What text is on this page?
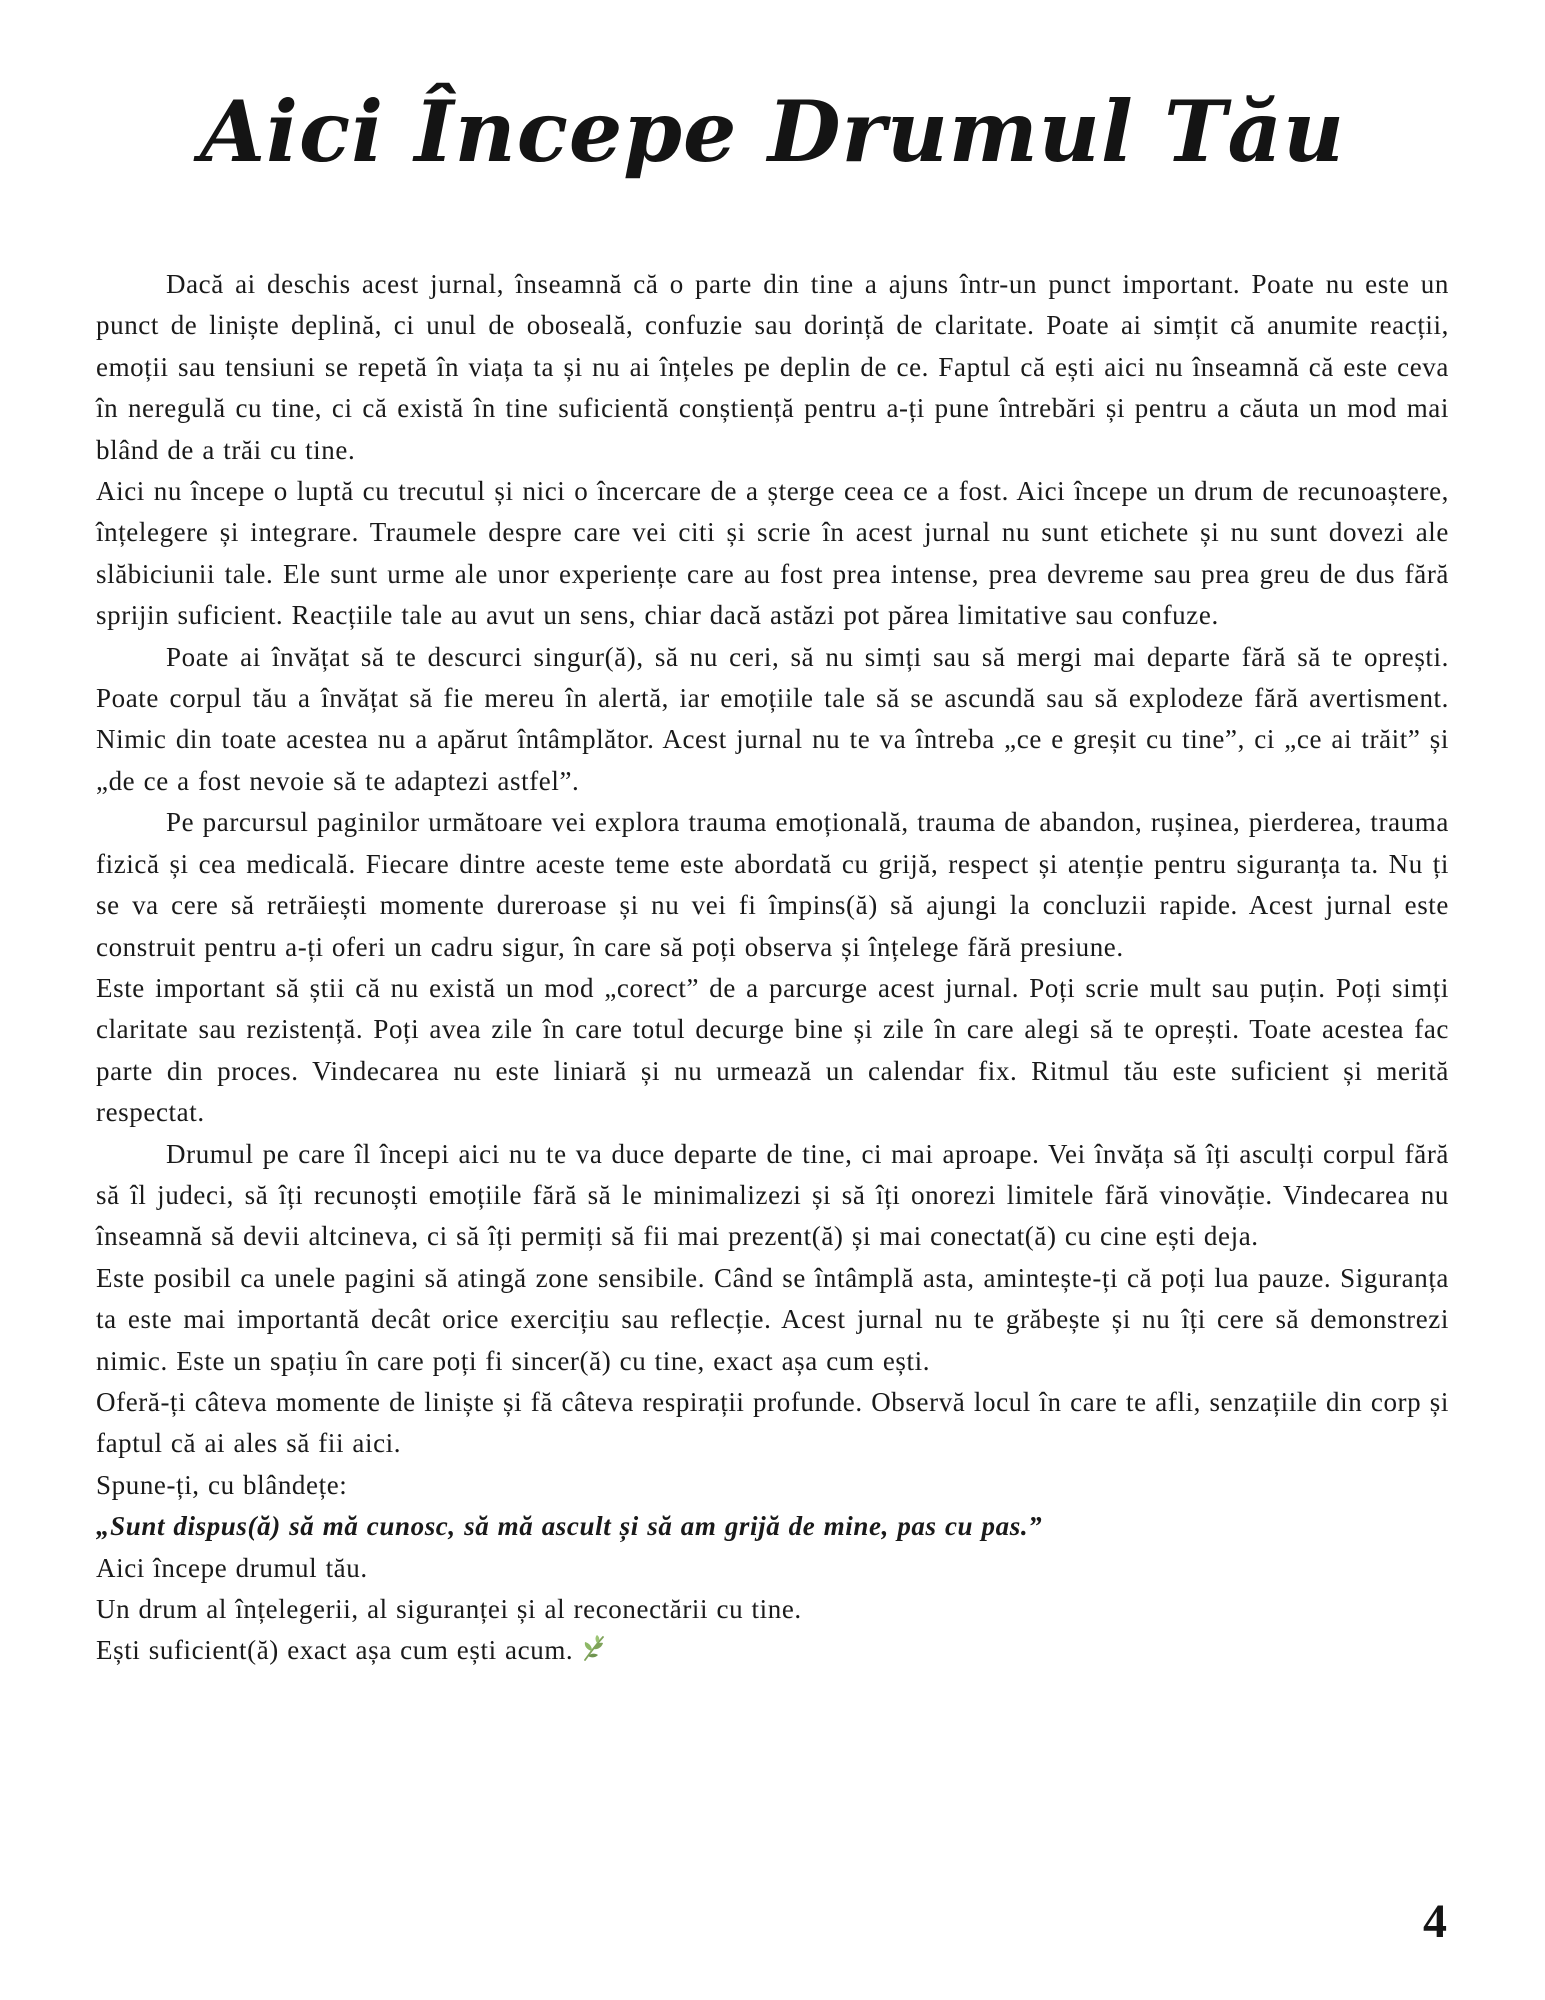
Aici Începe Drumul Tău

Dacă ai deschis acest jurnal, înseamnă că o parte din tine a ajuns într-un punct important. Poate nu este un punct de liniște deplină, ci unul de oboseală, confuzie sau dorință de claritate. Poate ai simțit că anumite reacții, emoții sau tensiuni se repetă în viața ta și nu ai înțeles pe deplin de ce. Faptul că ești aici nu înseamnă că este ceva în neregulă cu tine, ci că există în tine suficientă conștiență pentru a-ți pune întrebări și pentru a căuta un mod mai blând de a trăi cu tine.

Aici nu începe o luptă cu trecutul și nici o încercare de a șterge ceea ce a fost. Aici începe un drum de recunoaștere, înțelegere și integrare. Traumele despre care vei citi și scrie în acest jurnal nu sunt etichete și nu sunt dovezi ale slăbiciunii tale. Ele sunt urme ale unor experiențe care au fost prea intense, prea devreme sau prea greu de dus fără sprijin suficient. Reacțiile tale au avut un sens, chiar dacă astăzi pot părea limitative sau confuze.

Poate ai învățat să te descurci singur(ă), să nu ceri, să nu simți sau să mergi mai departe fără să te oprești. Poate corpul tău a învățat să fie mereu în alertă, iar emoțiile tale să se ascundă sau să explodeze fără avertisment. Nimic din toate acestea nu a apărut întâmplător. Acest jurnal nu te va întreba „ce e greșit cu tine”, ci „ce ai trăit” și „de ce a fost nevoie să te adaptezi astfel”.

Pe parcursul paginilor următoare vei explora trauma emoțională, trauma de abandon, rușinea, pierderea, trauma fizică și cea medicală. Fiecare dintre aceste teme este abordată cu grijă, respect și atenție pentru siguranța ta. Nu ți se va cere să retrăiești momente dureroase și nu vei fi împins(ă) să ajungi la concluzii rapide. Acest jurnal este construit pentru a-ți oferi un cadru sigur, în care să poți observa și înțelege fără presiune.

Este important să știi că nu există un mod „corect” de a parcurge acest jurnal. Poți scrie mult sau puțin. Poți simți claritate sau rezistență. Poți avea zile în care totul decurge bine și zile în care alegi să te oprești. Toate acestea fac parte din proces. Vindecarea nu este liniară și nu urmează un calendar fix. Ritmul tău este suficient și merită respectat.

Drumul pe care îl începi aici nu te va duce departe de tine, ci mai aproape. Vei învăța să îți asculți corpul fără să îl judeci, să îți recunoști emoțiile fără să le minimalizezi și să îți onorezi limitele fără vinovăție. Vindecarea nu înseamnă să devii altcineva, ci să îți permiți să fii mai prezent(ă) și mai conectat(ă) cu cine ești deja.

Este posibil ca unele pagini să atingă zone sensibile. Când se întâmplă asta, amintește-ți că poți lua pauze. Siguranța ta este mai importantă decât orice exercițiu sau reflecție. Acest jurnal nu te grăbește și nu îți cere să demonstrezi nimic. Este un spațiu în care poți fi sincer(ă) cu tine, exact așa cum ești.

Oferă-ți câteva momente de liniște și fă câteva respirații profunde. Observă locul în care te afli, senzațiile din corp și faptul că ai ales să fii aici.

Spune-ți, cu blândețe:

„Sunt dispus(ă) să mă cunosc, să mă ascult și să am grijă de mine, pas cu pas.”

Aici începe drumul tău.

Un drum al înțelegerii, al siguranței și al reconectării cu tine.

Ești suficient(ă) exact așa cum ești acum.

4
